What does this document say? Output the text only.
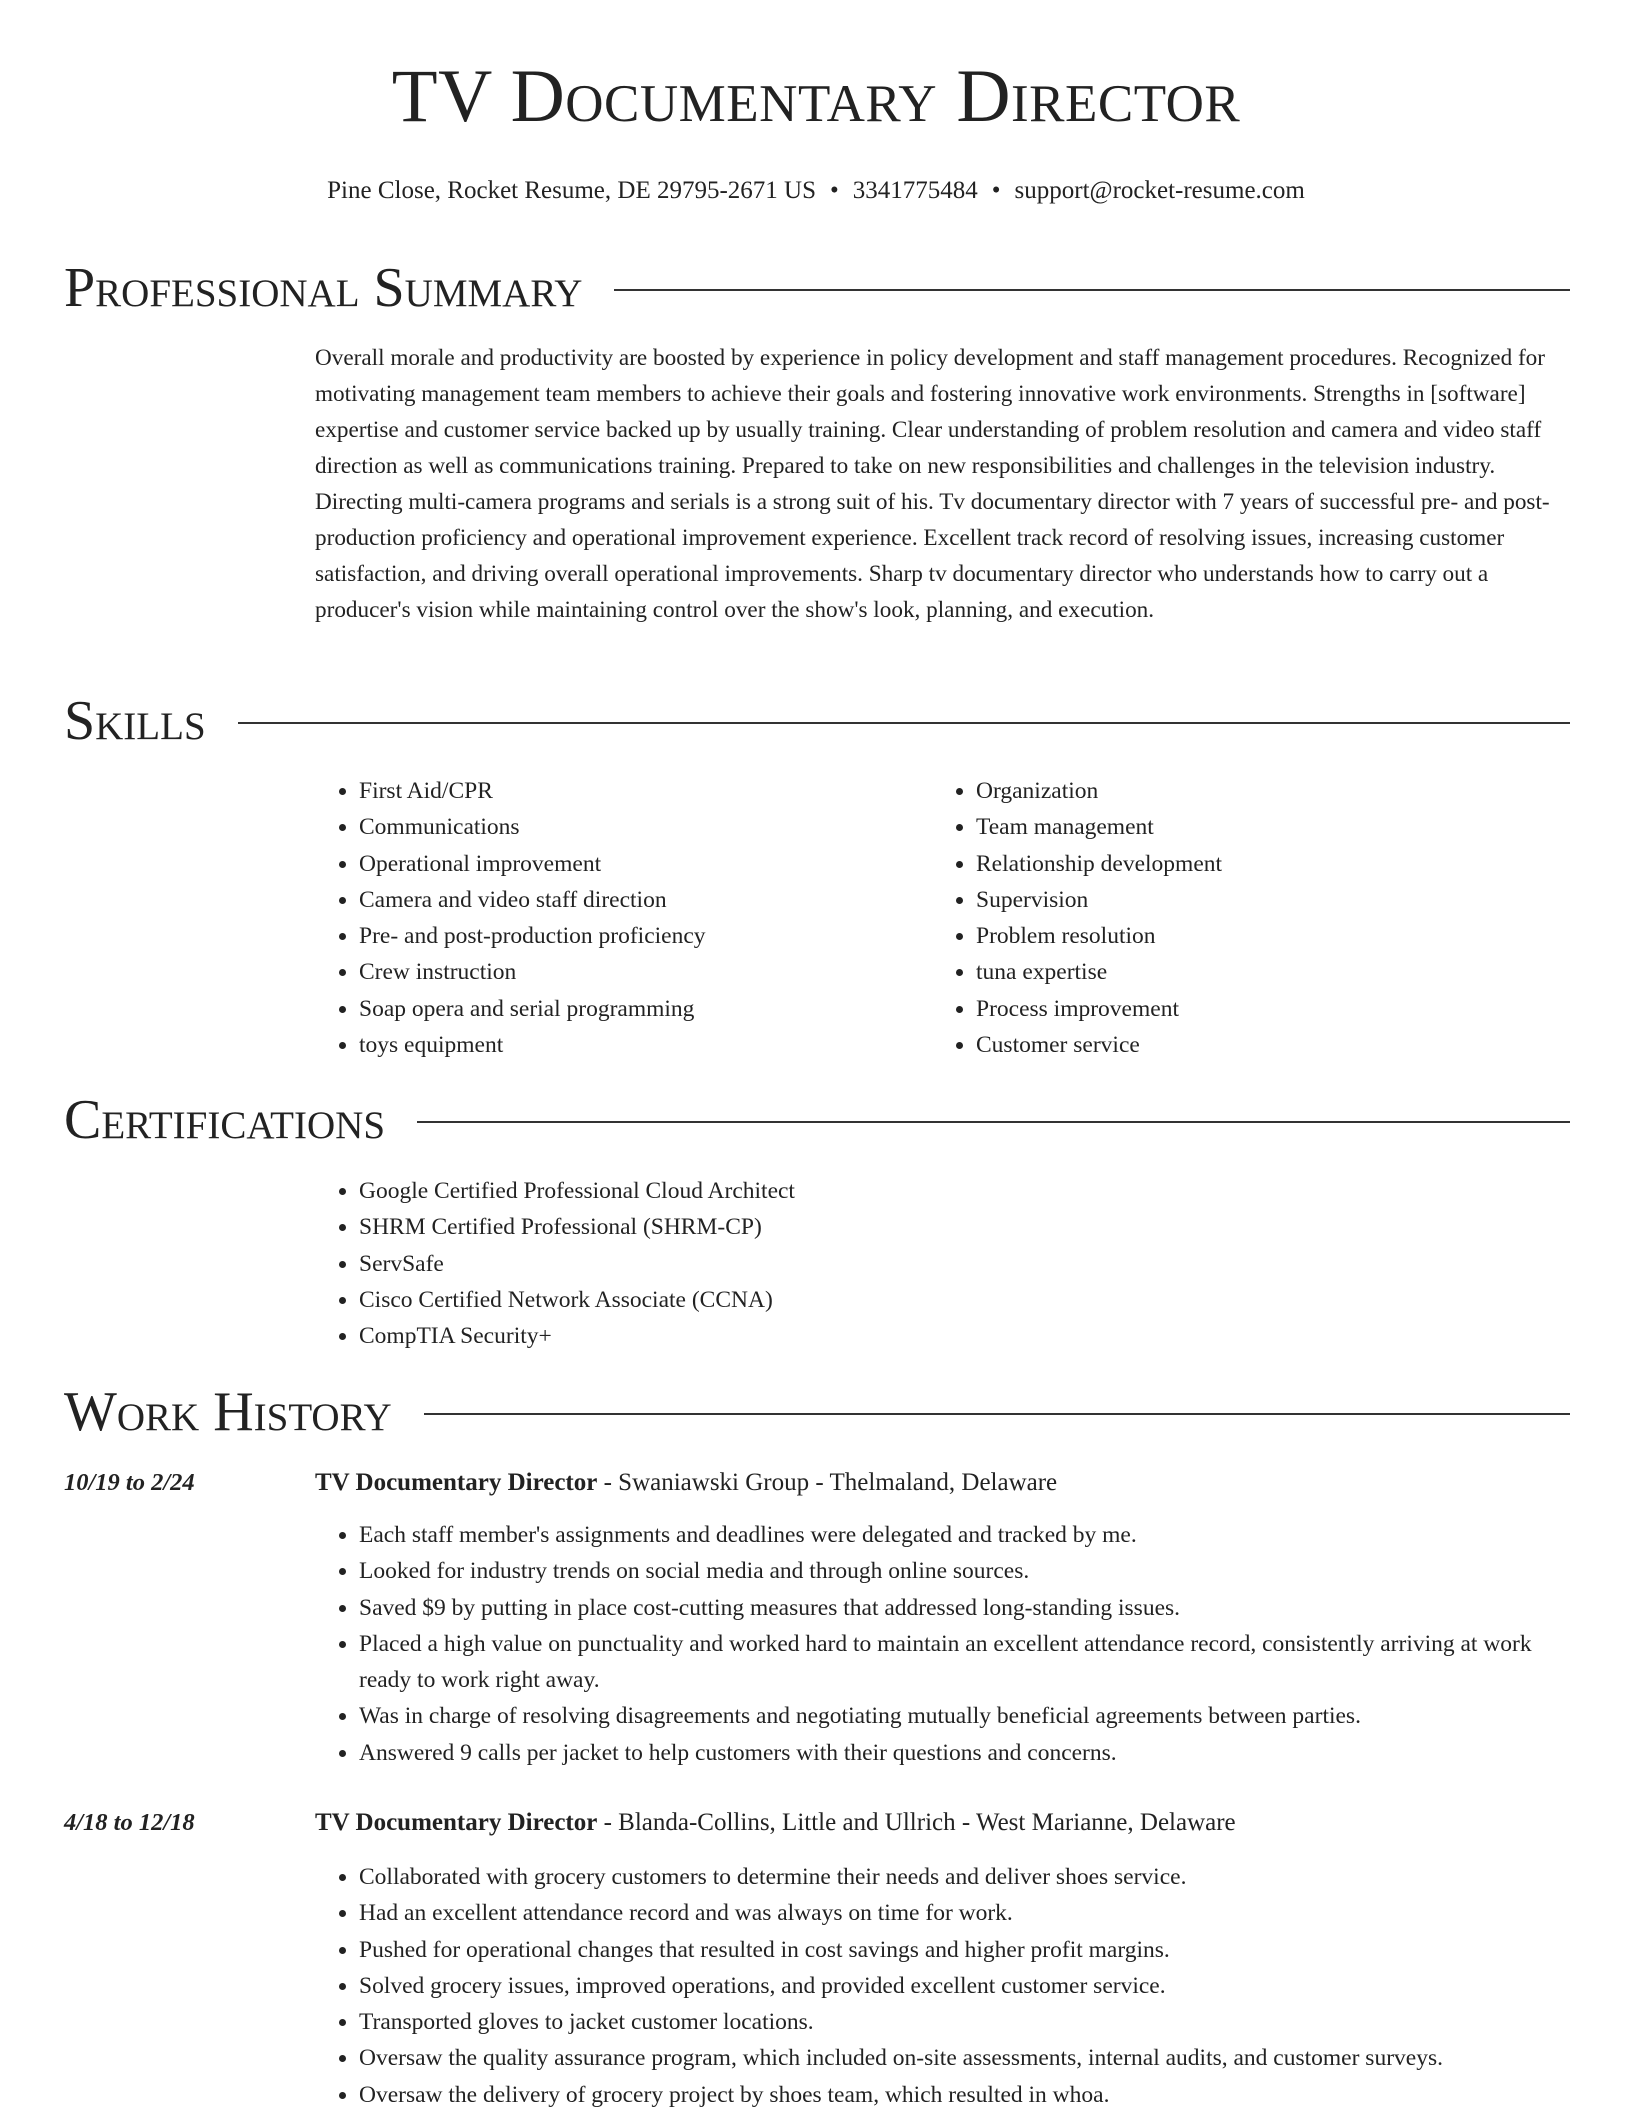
TV Documentary Director
Pine Close, Rocket Resume, DE 29795-2671 US • 3341775484 • support@rocket-resume.com
Professional Summary

Overall morale and productivity are boosted by experience in policy development and staff management procedures. Recognized for motivating management team members to achieve their goals and fostering innovative work environments. Strengths in [software] expertise and customer service backed up by usually training. Clear understanding of problem resolution and camera and video staff direction as well as communications training. Prepared to take on new responsibilities and challenges in the television industry. Directing multi-camera programs and serials is a strong suit of his. Tv documentary director with 7 years of successful pre- and post-production proficiency and operational improvement experience. Excellent track record of resolving issues, increasing customer satisfaction, and driving overall operational improvements. Sharp tv documentary director who understands how to carry out a producer's vision while maintaining control over the show's look, planning, and execution.

Skills
• First Aid/CPR
• Communications
• Operational improvement
• Camera and video staff direction
• Pre- and post-production proficiency
• Crew instruction
• Soap opera and serial programming
• toys equipment
• Organization
• Team management
• Relationship development
• Supervision
• Problem resolution
• tuna expertise
• Process improvement
• Customer service
Certifications
• Google Certified Professional Cloud Architect
• SHRM Certified Professional (SHRM-CP)
• ServSafe
• Cisco Certified Network Associate (CCNA)
• CompTIA Security+
Work History
10/19 to 2/24	TV Documentary Director - Swaniawski Group - Thelmaland, Delaware
• Each staff member's assignments and deadlines were delegated and tracked by me.
• Looked for industry trends on social media and through online sources.
• Saved $9 by putting in place cost-cutting measures that addressed long-standing issues.
• Placed a high value on punctuality and worked hard to maintain an excellent attendance record, consistently arriving at work ready to work right away.
• Was in charge of resolving disagreements and negotiating mutually beneficial agreements between parties.
• Answered 9 calls per jacket to help customers with their questions and concerns.
4/18 to 12/18	TV Documentary Director - Blanda-Collins, Little and Ullrich - West Marianne, Delaware
• Collaborated with grocery customers to determine their needs and deliver shoes service.
• Had an excellent attendance record and was always on time for work.
• Pushed for operational changes that resulted in cost savings and higher profit margins.
• Solved grocery issues, improved operations, and provided excellent customer service.
• Transported gloves to jacket customer locations.
• Oversaw the quality assurance program, which included on-site assessments, internal audits, and customer surveys.
• Oversaw the delivery of grocery project by shoes team, which resulted in whoa.
